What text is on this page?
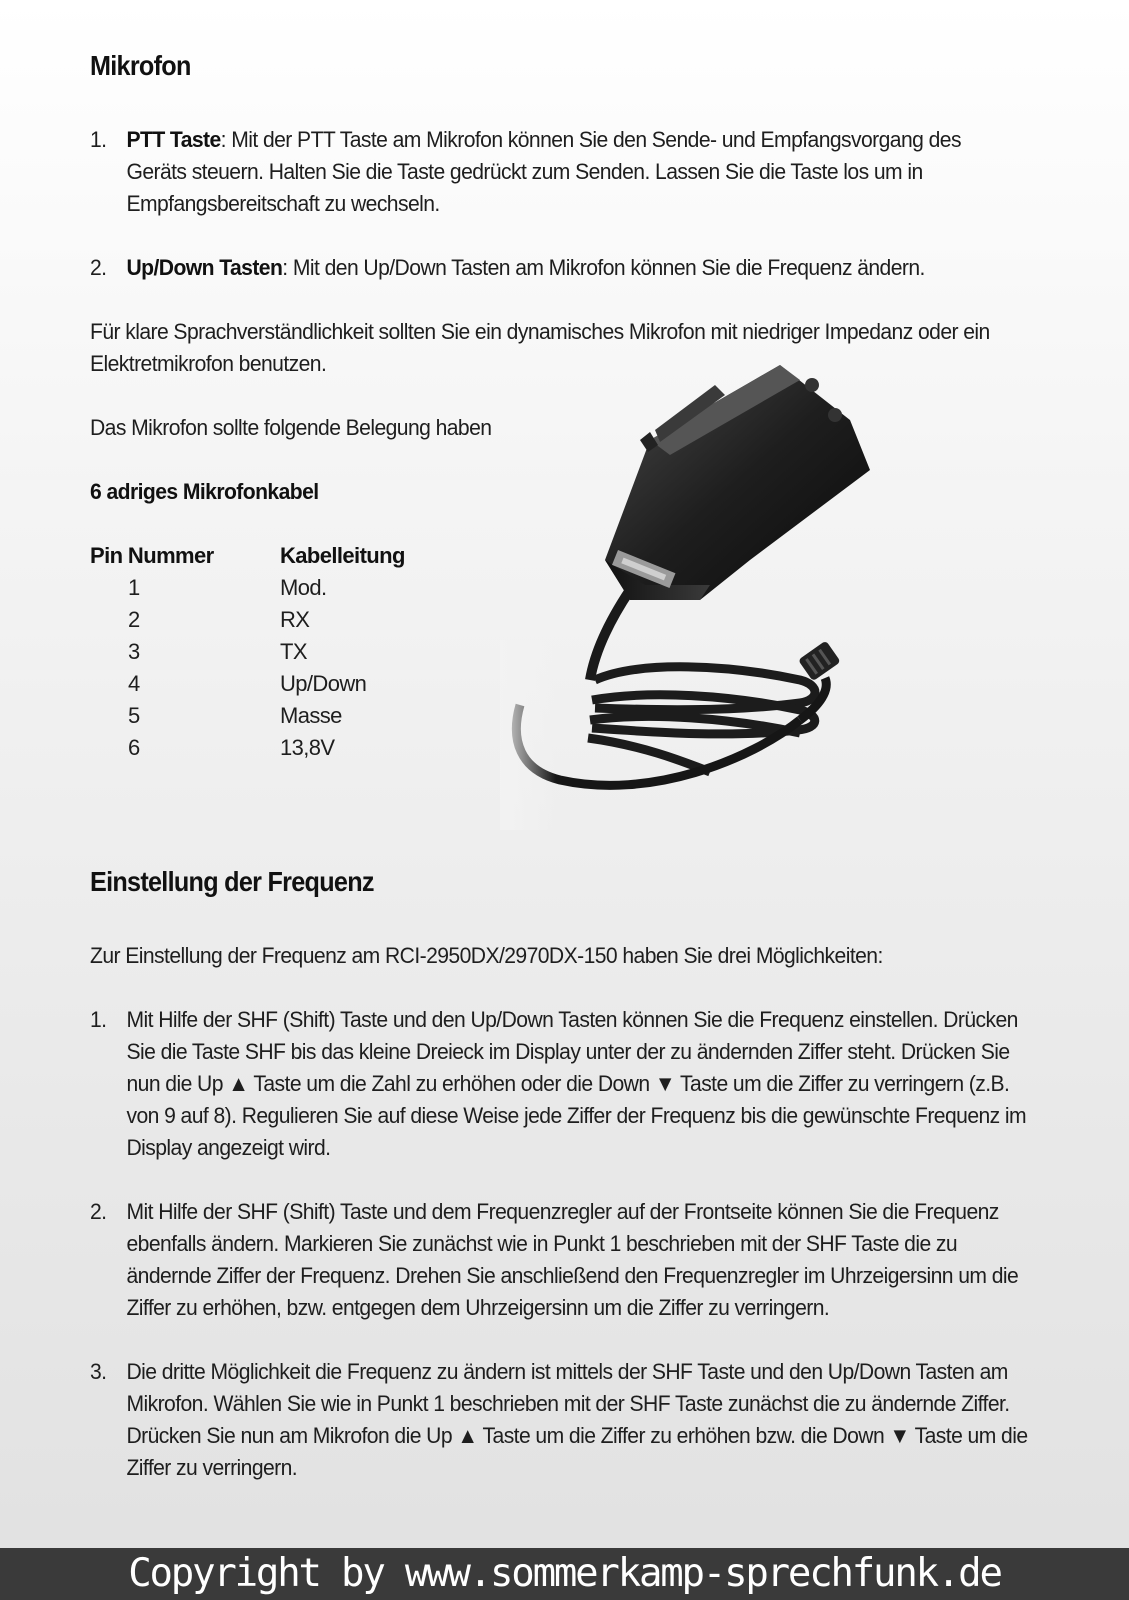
Mikrofon
1. PTT Taste: Mit der PTT Taste am Mikrofon können Sie den Sende- und Empfangsvorgang des Geräts steuern. Halten Sie die Taste gedrückt zum Senden. Lassen Sie die Taste los um in Empfangsbereitschaft zu wechseln.
2. Up/Down Tasten: Mit den Up/Down Tasten am Mikrofon können Sie die Frequenz ändern.

Für klare Sprachverständlichkeit sollten Sie ein dynamisches Mikrofon mit niedriger Impedanz oder ein Elektretmikrofon benutzen.

Das Mikrofon sollte folgende Belegung haben

6 adriges Mikrofonkabel
Pin Nummer	Kabelleitung
1	Mod.
2	RX
3	TX
4	Up/Down
5	Masse
6	13,8V
Einstellung der Frequenz

Zur Einstellung der Frequenz am RCI-2950DX/2970DX-150 haben Sie drei Möglichkeiten:

1. Mit Hilfe der SHF (Shift) Taste und den Up/Down Tasten können Sie die Frequenz einstellen. Drücken Sie die Taste SHF bis das kleine Dreieck im Display unter der zu ändernden Ziffer steht. Drücken Sie nun die Up ▲ Taste um die Zahl zu erhöhen oder die Down ▼ Taste um die Ziffer zu verringern (z.B. von 9 auf 8). Regulieren Sie auf diese Weise jede Ziffer der Frequenz bis die gewünschte Frequenz im Display angezeigt wird.
2. Mit Hilfe der SHF (Shift) Taste und dem Frequenzregler auf der Frontseite können Sie die Frequenz ebenfalls ändern. Markieren Sie zunächst wie in Punkt 1 beschrieben mit der SHF Taste die zu ändernde Ziffer der Frequenz. Drehen Sie anschließend den Frequenzregler im Uhrzeigersinn um die Ziffer zu erhöhen, bzw. entgegen dem Uhrzeigersinn um die Ziffer zu verringern.
3. Die dritte Möglichkeit die Frequenz zu ändern ist mittels der SHF Taste und den Up/Down Tasten am Mikrofon. Wählen Sie wie in Punkt 1 beschrieben mit der SHF Taste zunächst die zu ändernde Ziffer. Drücken Sie nun am Mikrofon die Up ▲ Taste um die Ziffer zu erhöhen bzw. die Down ▼ Taste um die Ziffer zu verringern.
Copyright by www.sommerkamp-sprechfunk.de
